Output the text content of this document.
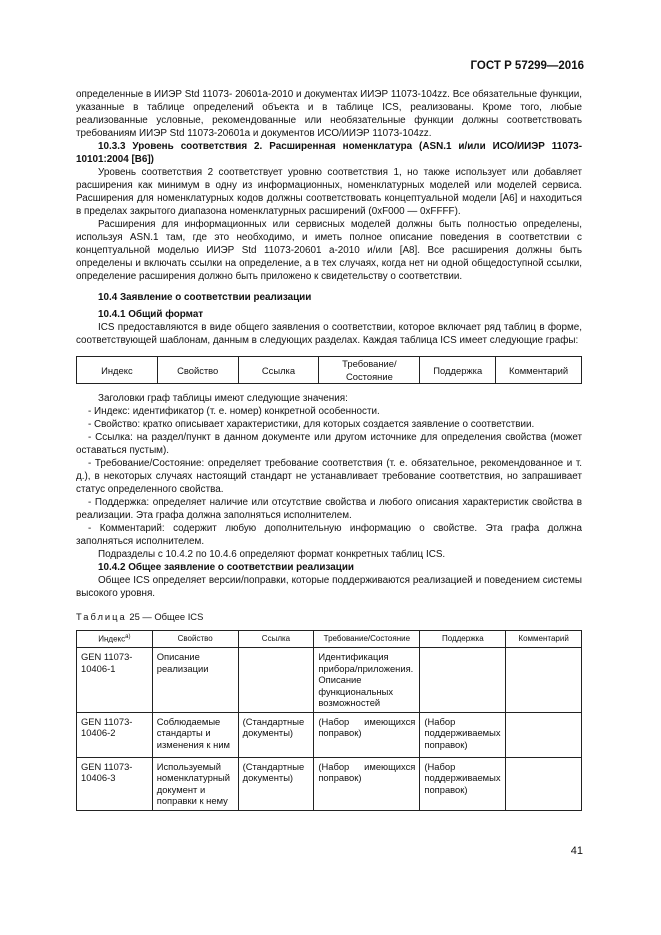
ГОСТ Р 57299—2016

определенные в ИИЭР Std 11073- 20601a-2010 и документах ИИЭР 11073-104zz. Все обязательные функции, указанные в таблице определений объекта и в таблице ICS, реализованы. Кроме того, любые реализованные условные, рекомендованные или необязательные функции должны соответствовать требованиям ИИЭР Std 11073-20601a и документов ИСО/ИИЭР 11073-104zz.

10.3.3 Уровень соответствия 2. Расширенная номенклатура (ASN.1 и/или ИСО/ИИЭР 11073-10101:2004 [B6])

Уровень соответствия 2 соответствует уровню соответствия 1, но также использует или добавляет расширения как минимум в одну из информационных, номенклатурных моделей или моделей сервиса. Расширения для номенклатурных кодов должны соответствовать концептуальной модели [A6] и находиться в пределах закрытого диапазона номенклатурных расширений (0xF000 — 0xFFFF).

Расширения для информационных или сервисных моделей должны быть полностью определены, используя ASN.1 там, где это необходимо, и иметь полное описание поведения в соответствии с концептуальной моделью ИИЭР Std 11073-20601 a-2010 и/или [A8]. Все расширения должны быть определены и включать ссылки на определение, а в тех случаях, когда нет ни одной общедоступной ссылки, определение расширения должно быть приложено к свидетельству о соответствии.

10.4 Заявление о соответствии реализации

10.4.1 Общий формат

ICS предоставляются в виде общего заявления о соответствии, которое включает ряд таблиц в форме, соответствующей шаблонам, данным в следующих разделах. Каждая таблица ICS имеет следующие графы:

Индекс	Свойство	Ссылка	Требование/Состояние	Поддержка	Комментарий

Заголовки граф таблицы имеют следующие значения:

- Индекс: идентификатор (т. е. номер) конкретной особенности.

- Свойство: кратко описывает характеристики, для которых создается заявление о соответствии.

- Ссылка: на раздел/пункт в данном документе или другом источнике для определения свойства (может оставаться пустым).

- Требование/Состояние: определяет требование соответствия (т. е. обязательное, рекомендованное и т. д.), в некоторых случаях настоящий стандарт не устанавливает требование соответствия, но запрашивает статус определенного свойства.

- Поддержка: определяет наличие или отсутствие свойства и любого описания характеристик свойства в реализации. Эта графа должна заполняться исполнителем.

- Комментарий: содержит любую дополнительную информацию о свойстве. Эта графа должна заполняться исполнителем.

Подразделы с 10.4.2 по 10.4.6 определяют формат конкретных таблиц ICS.

10.4.2 Общее заявление о соответствии реализации

Общее ICS определяет версии/поправки, которые поддерживаются реализацией и поведением системы высокого уровня.

Таблица 25 — Общее ICS
Индекс$^{а)}$	Свойство	Ссылка	Требование/Состояние	Поддержка	Комментарий
GEN 11073-10406-1	Описание реализации		Идентификация прибора/приложения. Описание функциональных возможностей		
GEN 11073-10406-2	Соблюдаемые стандарты и изменения к ним	(Стандартные документы)	(Набор имеющихся поправок)	(Набор поддерживаемых поправок)	
GEN 11073-10406-3	Используемый номенклатурный документ и поправки к нему	(Стандартные документы)	(Набор имеющихся поправок)	(Набор поддерживаемых поправок)	
41
